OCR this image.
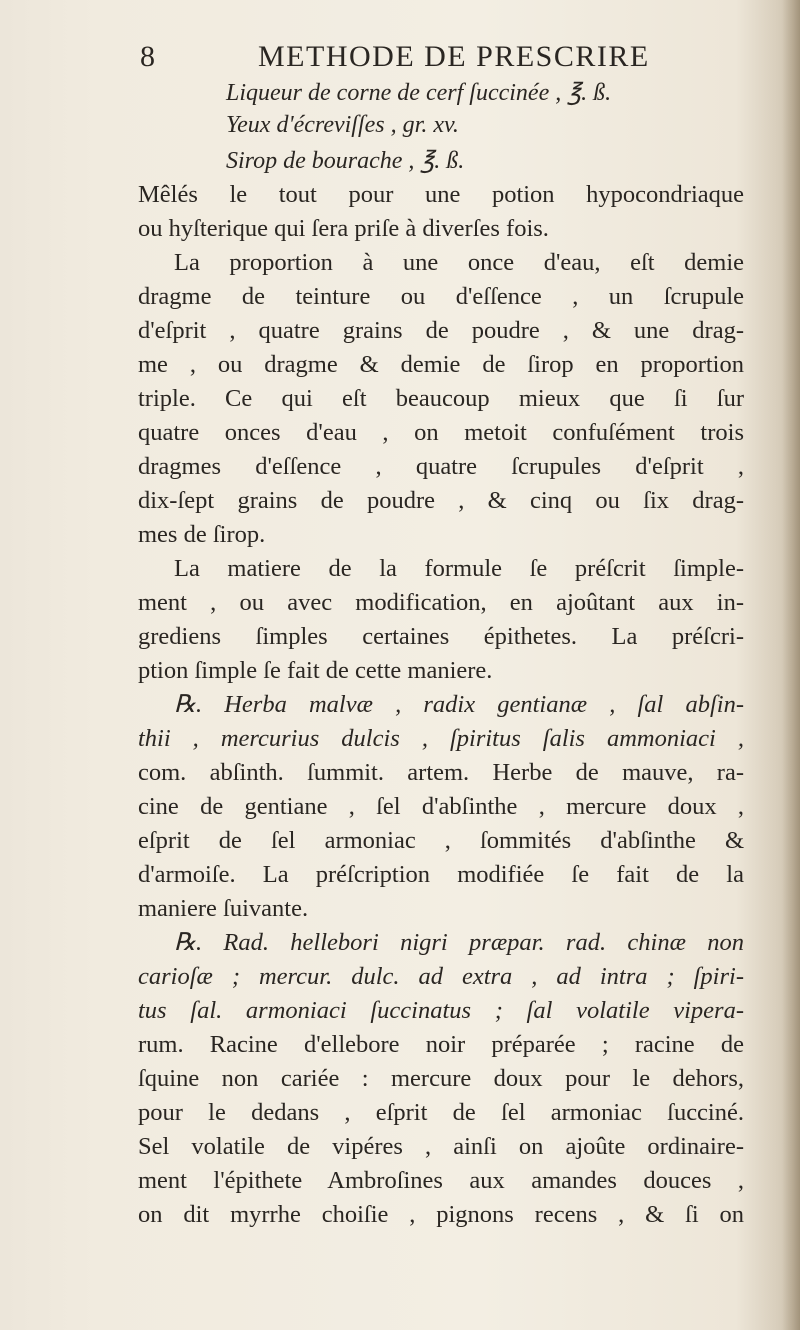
8	METHODE DE PRESCRIRE
Liqueur de corne de cerf ſuccinée , ℥. ß.
Yeux d'écreviſſes , gr. xv.
Sirop de bourache , ℥. ß.
Mêlés le tout pour une potion hypocondriaque
ou hyſterique qui ſera priſe à diverſes fois.
La proportion à une once d'eau, eſt demie
dragme de teinture ou d'eſſence , un ſcrupule
d'eſprit , quatre grains de poudre , & une drag-
me , ou dragme & demie de ſirop en proportion
triple. Ce qui eſt beaucoup mieux que ſi ſur
quatre onces d'eau , on metoit confuſément trois
dragmes d'eſſence , quatre ſcrupules d'eſprit ,
dix-ſept grains de poudre , & cinq ou ſix drag-
mes de ſirop.
La matiere de la formule ſe préſcrit ſimple-
ment , ou avec modification, en ajoûtant aux in-
grediens ſimples certaines épithetes. La préſcri-
ption ſimple ſe fait de cette maniere.
℞. Herba malvæ , radix gentianæ , ſal abſin-
thii , mercurius dulcis , ſpiritus ſalis ammoniaci ,
com. abſinth. ſummit. artem. Herbe de mauve, ra-
cine de gentiane , ſel d'abſinthe , mercure doux ,
eſprit de ſel armoniac , ſommités d'abſinthe &
d'armoiſe. La préſcription modifiée ſe fait de la
maniere ſuivante.
℞. Rad. hellebori nigri præpar. rad. chinæ non
carioſæ ; mercur. dulc. ad extra , ad intra ; ſpiri-
tus ſal. armoniaci ſuccinatus ; ſal volatile vipera-
rum. Racine d'ellebore noir préparée ; racine de
ſquine non cariée : mercure doux pour le dehors,
pour le dedans , eſprit de ſel armoniac ſucciné.
Sel volatile de vipéres , ainſi on ajoûte ordinaire-
ment l'épithete Ambroſines aux amandes douces ,
on dit myrrhe choiſie , pignons recens , & ſi on
